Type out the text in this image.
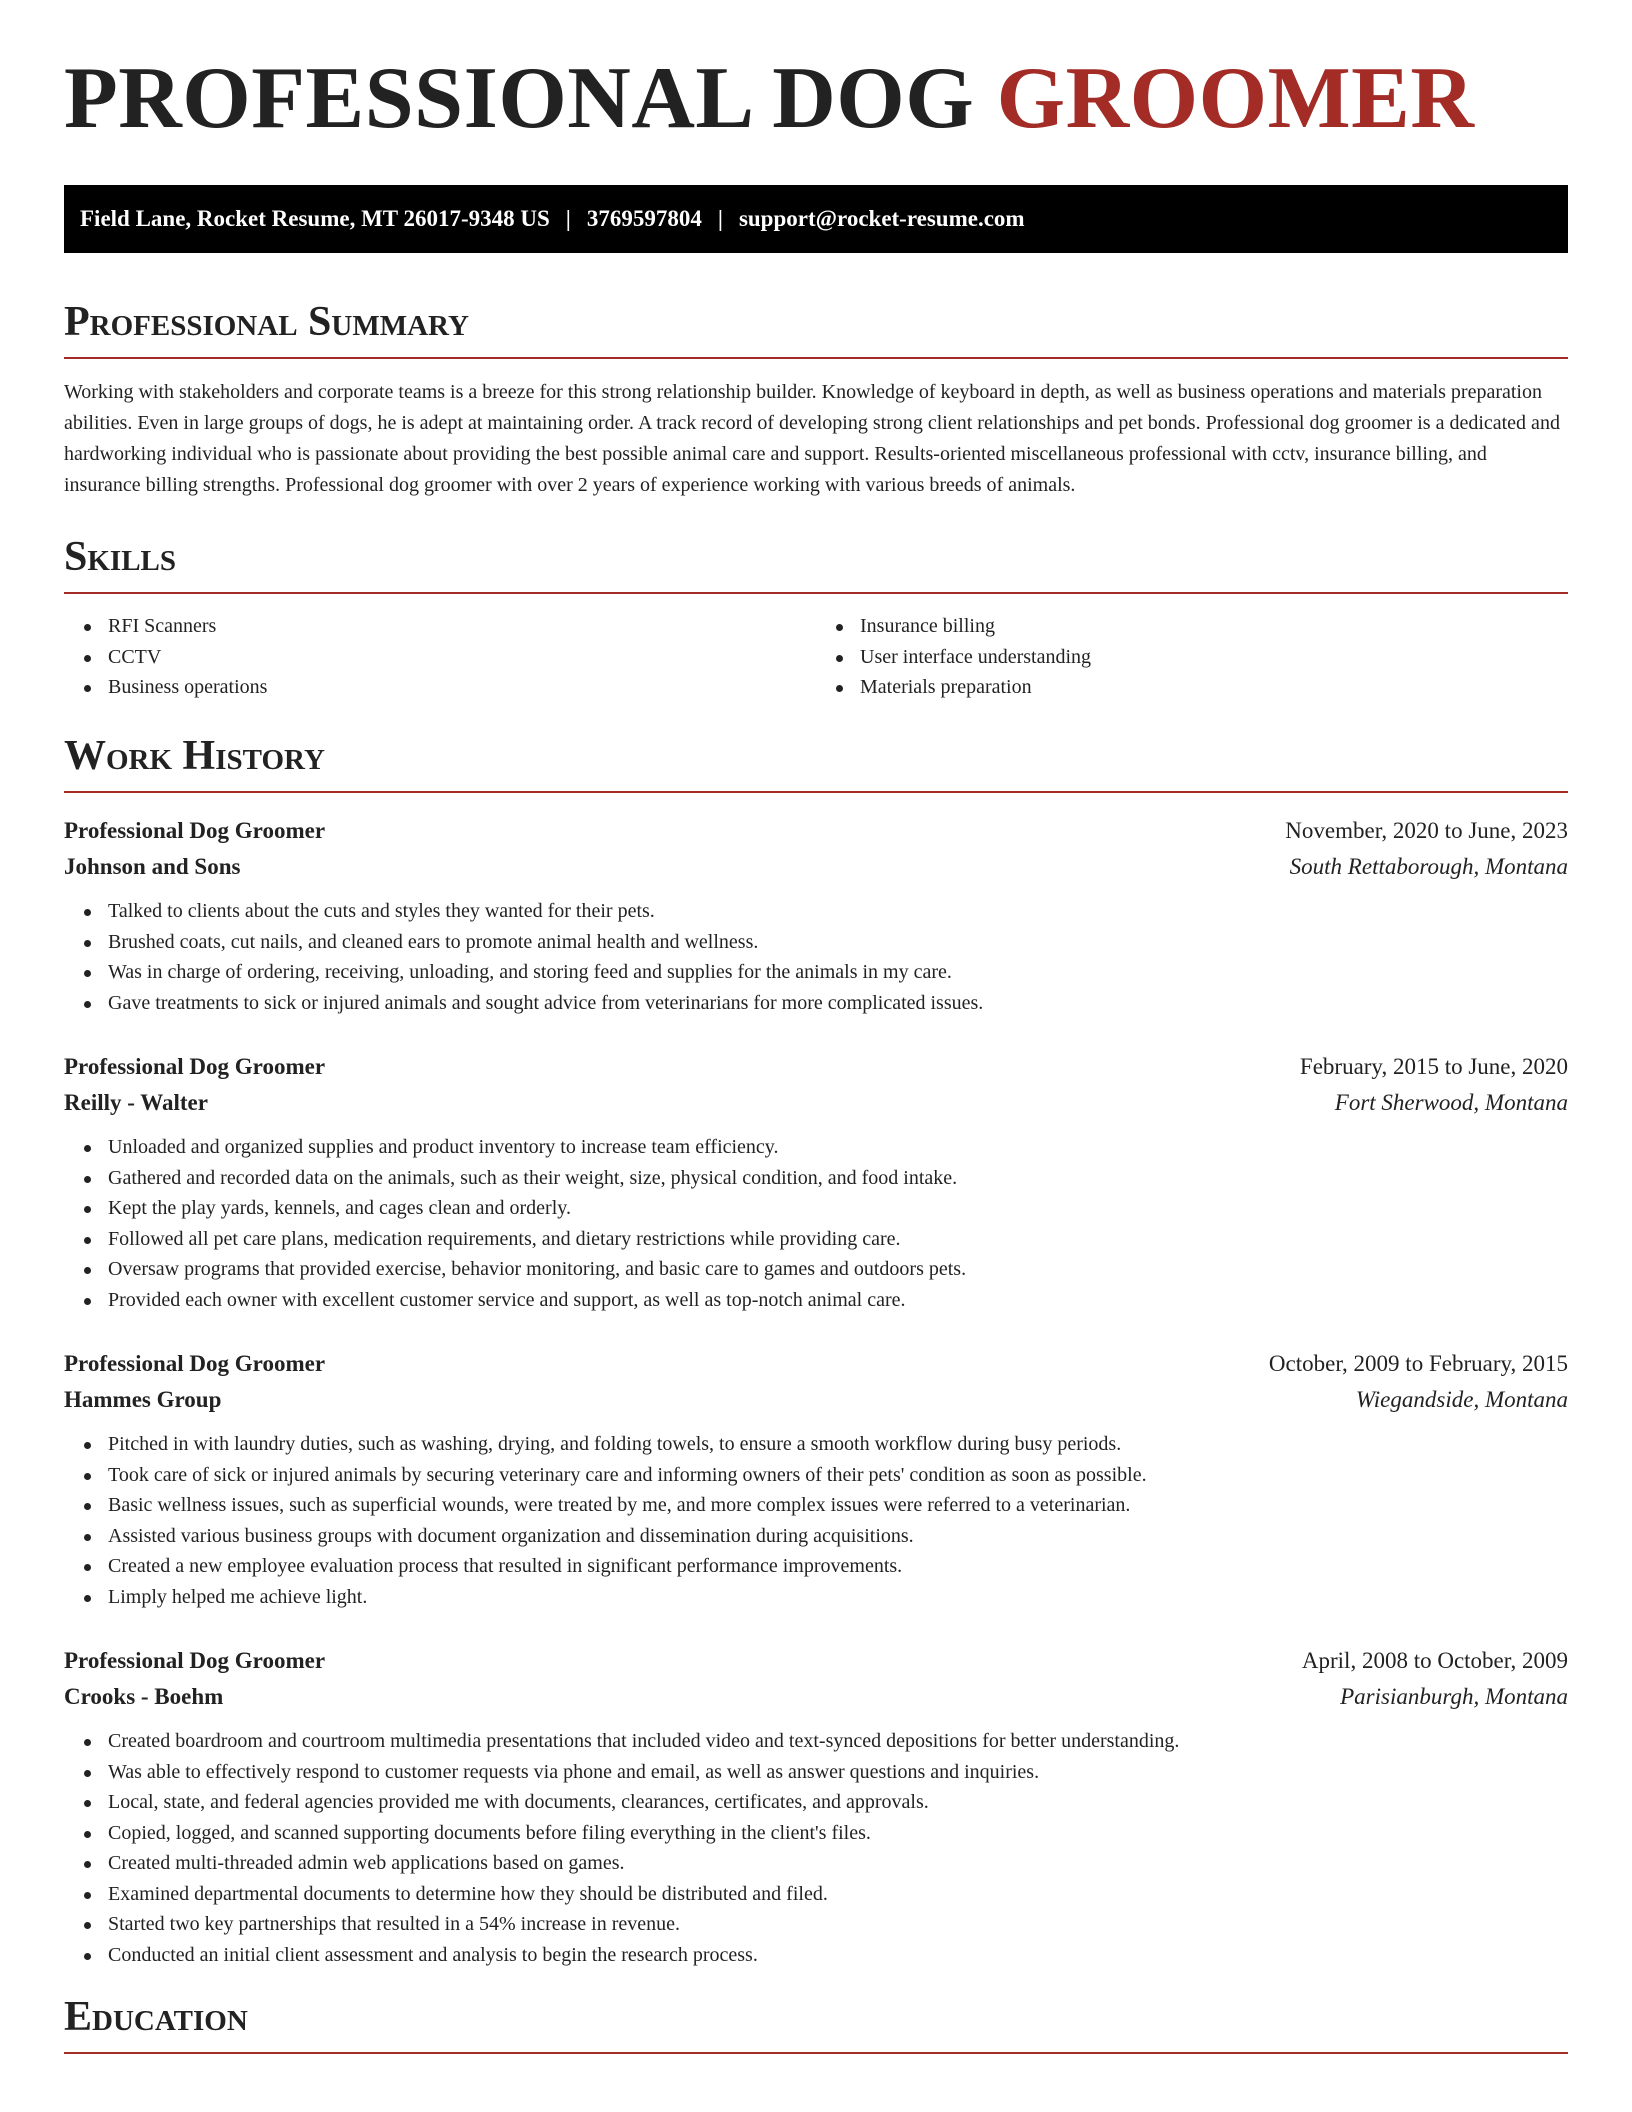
PROFESSIONAL DOG GROOMER
Field Lane, Rocket Resume, MT 26017-9348 US | 3769597804 | support@rocket-resume.com
Professional Summary

Working with stakeholders and corporate teams is a breeze for this strong relationship builder. Knowledge of keyboard in depth, as well as business operations and materials preparation abilities. Even in large groups of dogs, he is adept at maintaining order. A track record of developing strong client relationships and pet bonds. Professional dog groomer is a dedicated and hardworking individual who is passionate about providing the best possible animal care and support. Results-oriented miscellaneous professional with cctv, insurance billing, and insurance billing strengths. Professional dog groomer with over 2 years of experience working with various breeds of animals.

Skills
RFI Scanners
CCTV
Business operations
Insurance billing
User interface understanding
Materials preparation
Work History
Professional Dog Groomer	November, 2020 to June, 2023
Johnson and Sons	South Rettaborough, Montana
Talked to clients about the cuts and styles they wanted for their pets.
Brushed coats, cut nails, and cleaned ears to promote animal health and wellness.
Was in charge of ordering, receiving, unloading, and storing feed and supplies for the animals in my care.
Gave treatments to sick or injured animals and sought advice from veterinarians for more complicated issues.
Professional Dog Groomer	February, 2015 to June, 2020
Reilly - Walter	Fort Sherwood, Montana
Unloaded and organized supplies and product inventory to increase team efficiency.
Gathered and recorded data on the animals, such as their weight, size, physical condition, and food intake.
Kept the play yards, kennels, and cages clean and orderly.
Followed all pet care plans, medication requirements, and dietary restrictions while providing care.
Oversaw programs that provided exercise, behavior monitoring, and basic care to games and outdoors pets.
Provided each owner with excellent customer service and support, as well as top-notch animal care.
Professional Dog Groomer	October, 2009 to February, 2015
Hammes Group	Wiegandside, Montana
Pitched in with laundry duties, such as washing, drying, and folding towels, to ensure a smooth workflow during busy periods.
Took care of sick or injured animals by securing veterinary care and informing owners of their pets' condition as soon as possible.
Basic wellness issues, such as superficial wounds, were treated by me, and more complex issues were referred to a veterinarian.
Assisted various business groups with document organization and dissemination during acquisitions.
Created a new employee evaluation process that resulted in significant performance improvements.
Limply helped me achieve light.
Professional Dog Groomer	April, 2008 to October, 2009
Crooks - Boehm	Parisianburgh, Montana
Created boardroom and courtroom multimedia presentations that included video and text-synced depositions for better understanding.
Was able to effectively respond to customer requests via phone and email, as well as answer questions and inquiries.
Local, state, and federal agencies provided me with documents, clearances, certificates, and approvals.
Copied, logged, and scanned supporting documents before filing everything in the client's files.
Created multi-threaded admin web applications based on games.
Examined departmental documents to determine how they should be distributed and filed.
Started two key partnerships that resulted in a 54% increase in revenue.
Conducted an initial client assessment and analysis to begin the research process.
Education
